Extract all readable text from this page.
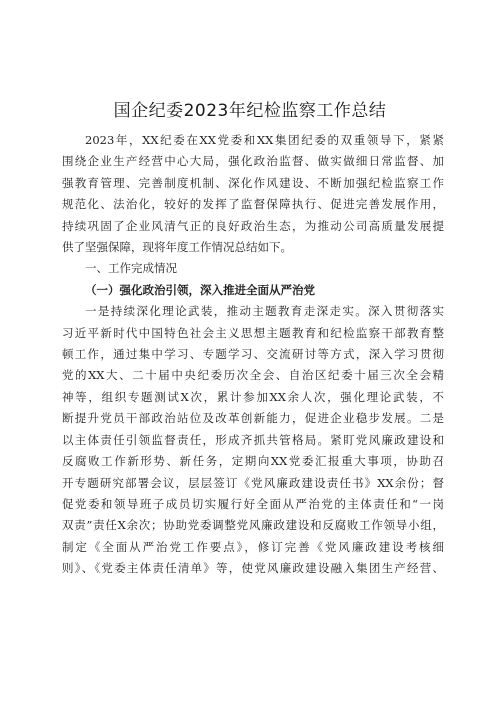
国企纪委2023年纪检监察工作总结
2023年，XX纪委在XX党委和XX集团纪委的双重领导下，紧紧
围绕企业生产经营中心大局，强化政治监督、做实做细日常监督、加
强教育管理、完善制度机制、深化作风建设、不断加强纪检监察工作
规范化、法治化，较好的发挥了监督保障执行、促进完善发展作用，
持续巩固了企业风清气正的良好政治生态，为推动公司高质量发展提
供了坚强保障，现将年度工作情况总结如下。
一、工作完成情况
（一）强化政治引领，深入推进全面从严治党
一是持续深化理论武装，推动主题教育走深走实。深入贯彻落实
习近平新时代中国特色社会主义思想主题教育和纪检监察干部教育整
顿工作，通过集中学习、专题学习、交流研讨等方式，深入学习贯彻
党的XX大、二十届中央纪委历次全会、自治区纪委十届三次全会精
神等，组织专题测试X次，累计参加XX余人次，强化理论武装，不
断提升党员干部政治站位及改革创新能力，促进企业稳步发展。二是
以主体责任引领监督责任，形成齐抓共管格局。紧盯党风廉政建设和
反腐败工作新形势、新任务，定期向XX党委汇报重大事项，协助召
开专题研究部署会议，层层签订《党风廉政建设责任书》XX余份；督
促党委和领导班子成员切实履行好全面从严治党的主体责任和“一岗
双责”责任X余次；协助党委调整党风廉政建设和反腐败工作领导小组，
制定《全面从严治党工作要点》，修订完善《党风廉政建设考核细
则》、《党委主体责任清单》等，使党风廉政建设融入集团生产经营、
